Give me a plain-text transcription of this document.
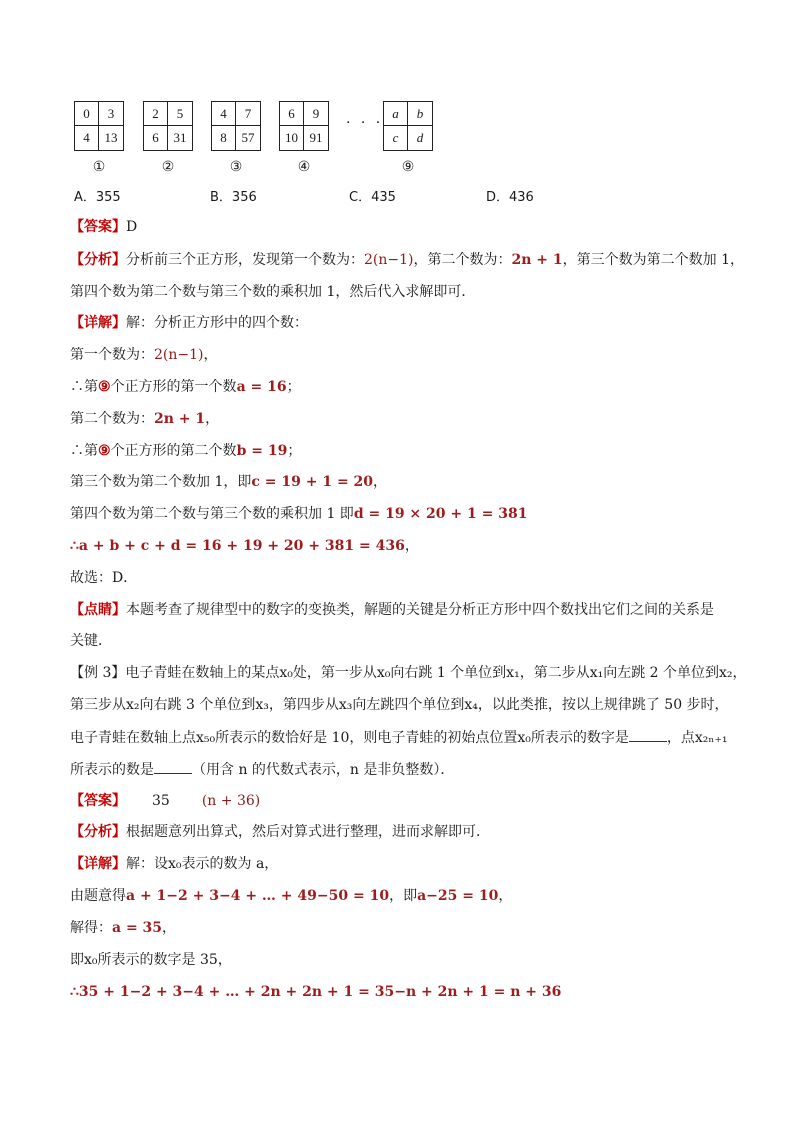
0	3
4	13
①
2	5
6	31
②
4	7
8	57
③
6	9
10 91
④
· · ·
a	b
c	d
⑨
A．355	B．356	C．435	D．436
【答案】D
【分析】分析前三个正方形，发现第一个数为：2(n−1)，第二个数为：2n + 1，第三个数为第二个数加 1，
第四个数为第二个数与第三个数的乘积加 1，然后代入求解即可．
【详解】解：分析正方形中的四个数：
第一个数为：2(n−1)，
∴第⑨个正方形的第一个数a = 16；
第二个数为：2n + 1，
∴第⑨个正方形的第二个数b = 19；
第三个数为第二个数加 1，即c = 19 + 1 = 20，
第四个数为第二个数与第三个数的乘积加 1 即d = 19 × 20 + 1 = 381
∴a + b + c + d = 16 + 19 + 20 + 381 = 436，
故选：D．
【点睛】本题考查了规律型中的数字的变换类，解题的关键是分析正方形中四个数找出它们之间的关系是
关键．
【例 3】电子青蛙在数轴上的某点x₀处，第一步从x₀向右跳 1 个单位到x₁，第二步从x₁向左跳 2 个单位到x₂，
第三步从x₂向右跳 3 个单位到x₃，第四步从x₃向左跳四个单位到x₄，以此类推，按以上规律跳了 50 步时，
电子青蛙在数轴上点x₅₀所表示的数恰好是 10，则电子青蛙的初始点位置x₀所表示的数字是	，点x₂ₙ₊₁
所表示的数是	（用含 n 的代数式表示，n 是非负整数）．
【答案】 35 (n + 36)
【分析】根据题意列出算式，然后对算式进行整理，进而求解即可．
【详解】解：设x₀表示的数为 a，
由题意得a + 1−2 + 3−4 + … + 49−50 = 10，即a−25 = 10，
解得：a = 35，
即x₀所表示的数字是 35，
∴35 + 1−2 + 3−4 + … + 2n + 2n + 1 = 35−n + 2n + 1 = n + 36
